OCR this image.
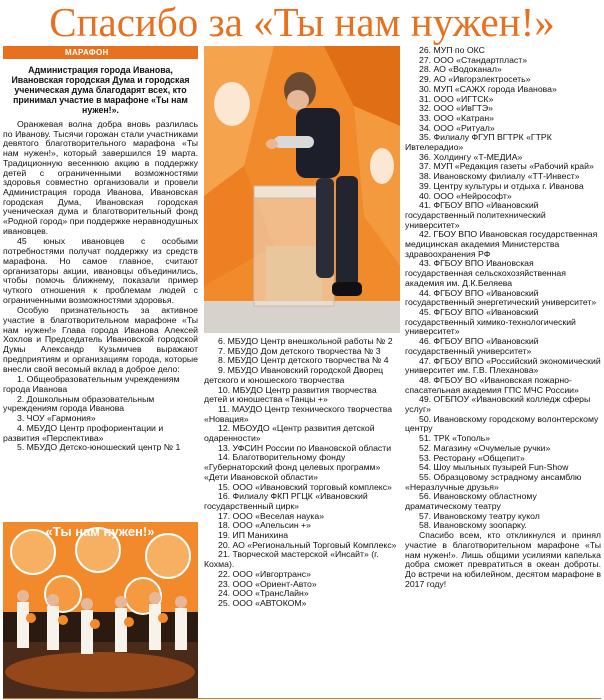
Спасибо за «Ты нам нужен!»
МАРАФОН
Администрация города Иванова, Ивановская городская Дума и городская ученическая дума благодарят всех, кто принимал участие в марафоне «Ты нам нужен!».

Оранжевая волна добра вновь разлилась по Иванову. Тысячи горожан стали участниками девятого благотворительного марафона «Ты нам нужен!», который завершился 19 марта. Традиционную весеннюю акцию в поддержку детей с ограниченными возможностями здоровья совместно организовали и провели Администрация города Иванова, Ивановская городская Дума, Ивановская городская ученическая дума и благотворительный фонд «Родной город» при поддержке неравнодушных ивановцев.

45 юных ивановцев с особыми потребностями получат поддержку из средств марафона. Но самое главное, считают организаторы акции, ивановцы объединились, чтобы помочь ближнему, показали пример чуткого отношения к проблемам людей с ограниченными возможностями здоровья.

Особую признательность за активное участие в благотворительном марафоне «Ты нам нужен!» Глава города Иванова Алексей Хохлов и Председатель Ивановской городской Думы Александр Кузьмичев выражают предприятиям и организациям города, которые внесли свой весомый вклад в доброе дело:

1. Общеобразовательным учреждениям города Иванова
2. Дошкольным образовательным учреждениям города Иванова
3. ЧОУ «Гармония»
4. МБУДО Центр профориентации и развития «Перспектива»
5. МБУДО Детско-юношеский центр № 1
6. МБУДО Центр внешкольной работы № 2
7. МБУДО Дом детского творчества № 3
8. МБУДО Центр детского творчества № 4
9. МБУДО Ивановский городской Дворец детского и юношеского творчества
10. МБУДО Центр развития творчества детей и юношества «Танцы +»
11. МАУДО Центр технического творчества «Новация»
12. МБОУДО «Центр развития детской одаренности»
13. УФСИН России по Ивановской области
14. Благотворительному фонду «Губернаторский фонд целевых программ» «Дети Ивановской области»
15. ООО «Ивановский торговый комплекс»
16. Филиалу ФКП РГЦК «Ивановский государственный цирк»
17. ООО «Веселая наука»
18. ООО «Апельсин +»
19. ИП Манихина
20. АО «Региональный Торговый Комплекс»
21. Творческой мастерской «Инсайт» (г. Кохма).
22. ООО «Ивгортранс»
23. ООО «Ориент-Авто»
24. ООО «ТрансЛайн»
25. ООО «АВТОКОМ»
26. МУП по ОКС
27. ООО «Стандартпласт»
28. АО «Водоканал»
29. АО «Ивгорэлектросеть»
30. МУП «САЖХ города Иванова»
31. ООО «ИГТСК»
32. ООО «ИвГТЭ»
33. ООО «Катран»
34. ООО «Ритуал»
35. Филиалу ФГУП ВГТРК «ГТРК Ивтелерадио»
36. Холдингу «Т-МЕДИА»
37. МУП «Редакция газеты «Рабочий край»
38. Ивановскому филиалу «ТТ-Инвест»
39. Центру культуры и отдыха г. Иванова
40. ООО «Нейрософт»
41. ФГБОУ ВПО «Ивановский государственный политехнический университет»
42. ГБОУ ВПО Ивановская государственная медицинская академия Министерства здравоохранения РФ
43. ФГБОУ ВПО Ивановская государственная сельскохозяйственная академия им. Д.К.Беляева
44. ФГБОУ ВПО «Ивановский государственный энергетический университет»
45. ФГБОУ ВПО «Ивановский государственный химико-технологический университет»
46. ФГБОУ ВПО «Ивановский государственный университет»
47. ФГБОУ ВПО «Российский экономический университет им. Г.В. Плеханова»
48. ФГБОУ ВО «Ивановская пожарно-спасательная академия ГПС МЧС России»
49. ОГБПОУ «Ивановский колледж сферы услуг»
50. Ивановскому городскому волонтерскому центру
51. ТРК «Тополь»
52. Магазину «Очумелые ручки»
53. Ресторану «Общепит»
54. Шоу мыльных пузырей Fun-Show
55. Образцовому эстрадному ансамблю «Неразлучные друзья»
56. Ивановскому областному драматическому театру
57. Ивановскому театру кукол
58. Ивановскому зоопарку.

Спасибо всем, кто откликнулся и принял участие в благотворительном марафоне «Ты нам нужен!». Лишь общими усилиями капелька добра сможет превратиться в океан доброты. До встречи на юбилейном, десятом марафоне в 2017 году!

«Ты нам нужен!»
